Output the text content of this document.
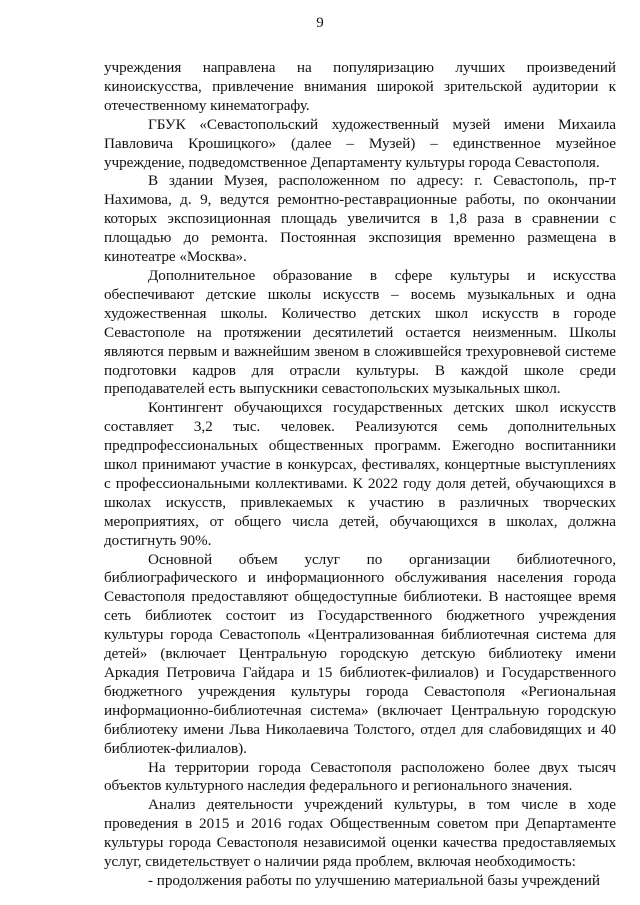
9

учреждения направлена на популяризацию лучших произведений киноискусства, привлечение внимания широкой зрительской аудитории к отечественному кинематографу.

ГБУК «Севастопольский художественный музей имени Михаила Павловича Крошицкого» (далее – Музей) – единственное музейное учреждение, подведомственное Департаменту культуры города Севастополя.

В здании Музея, расположенном по адресу: г. Севастополь, пр-т Нахимова, д. 9, ведутся ремонтно-реставрационные работы, по окончании которых экспозиционная площадь увеличится в 1,8 раза в сравнении с площадью до ремонта. Постоянная экспозиция временно размещена в кинотеатре «Москва».

Дополнительное образование в сфере культуры и искусства обеспечивают детские школы искусств – восемь музыкальных и одна художественная школы. Количество детских школ искусств в городе Севастополе на протяжении десятилетий остается неизменным. Школы являются первым и важнейшим звеном в сложившейся трехуровневой системе подготовки кадров для отрасли культуры. В каждой школе среди преподавателей есть выпускники севастопольских музыкальных школ.

Контингент обучающихся государственных детских школ искусств составляет 3,2 тыс. человек. Реализуются семь дополнительных предпрофессиональных общественных программ. Ежегодно воспитанники школ принимают участие в конкурсах, фестивалях, концертные выступлениях с профессиональными коллективами. К 2022 году доля детей, обучающихся в школах искусств, привлекаемых к участию в различных творческих мероприятиях, от общего числа детей, обучающихся в школах, должна достигнуть 90%.

Основной объем услуг по организации библиотечного, библиографического и информационного обслуживания населения города Севастополя предоставляют общедоступные библиотеки. В настоящее время сеть библиотек состоит из Государственного бюджетного учреждения культуры города Севастополь «Централизованная библиотечная система для детей» (включает Центральную городскую детскую библиотеку имени Аркадия Петровича Гайдара и 15 библиотек-филиалов) и Государственного бюджетного учреждения культуры города Севастополя «Региональная информационно-библиотечная система» (включает Центральную городскую библиотеку имени Льва Николаевича Толстого, отдел для слабовидящих и 40 библиотек-филиалов).

На территории города Севастополя расположено более двух тысяч объектов культурного наследия федерального и регионального значения.

Анализ деятельности учреждений культуры, в том числе в ходе проведения в 2015 и 2016 годах Общественным советом при Департаменте культуры города Севастополя независимой оценки качества предоставляемых услуг, свидетельствует о наличии ряда проблем, включая необходимость:

- продолжения работы по улучшению материальной базы учреждений
